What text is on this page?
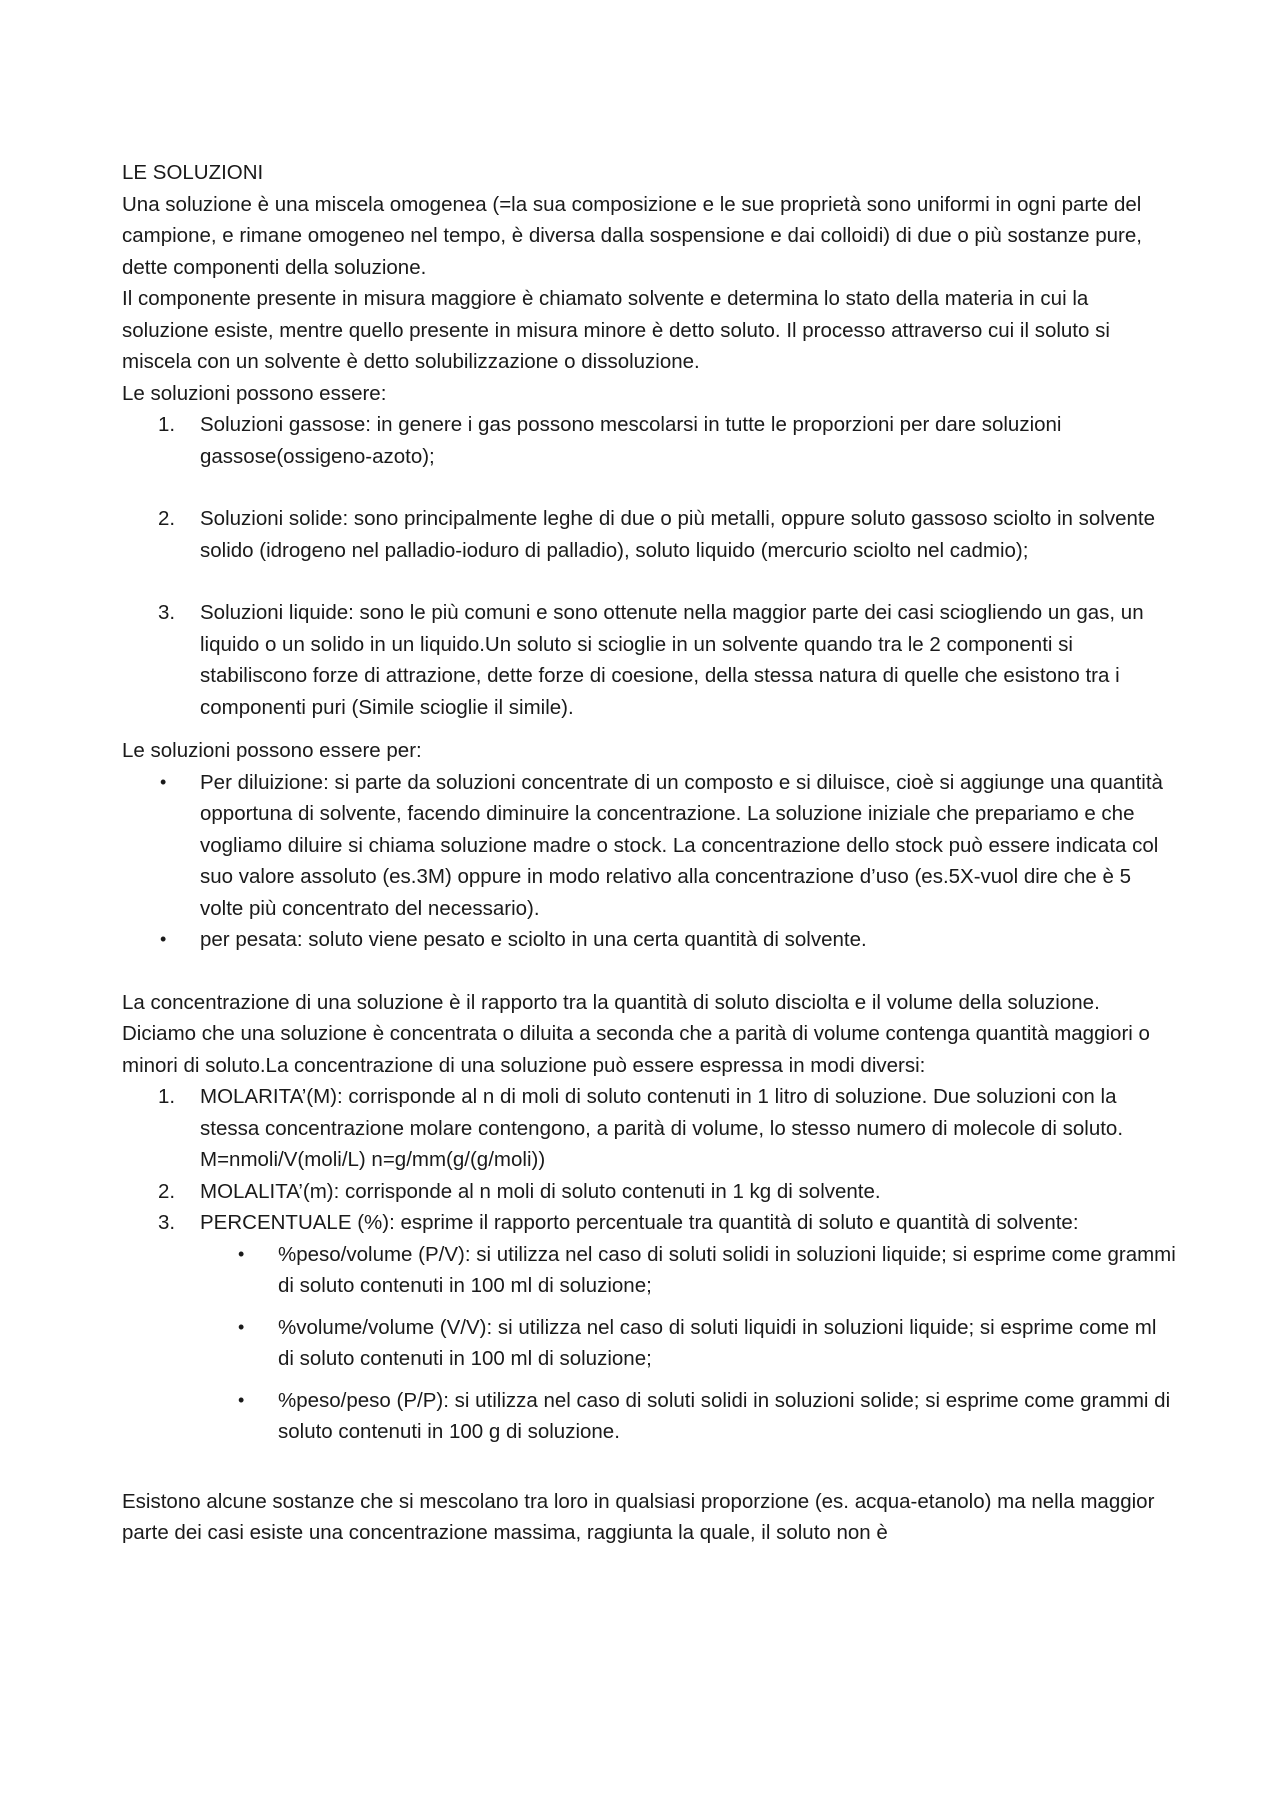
LE SOLUZIONI

Una soluzione è una miscela omogenea (=la sua composizione e le sue proprietà sono uniformi in ogni parte del campione, e rimane omogeneo nel tempo, è diversa dalla sospensione e dai colloidi) di due o più sostanze pure, dette componenti della soluzione.

Il componente presente in misura maggiore è chiamato solvente e determina lo stato della materia in cui la soluzione esiste, mentre quello presente in misura minore è detto soluto. Il processo attraverso cui il soluto si miscela con un solvente è detto solubilizzazione o dissoluzione.

Le soluzioni possono essere:

1. Soluzioni gassose: in genere i gas possono mescolarsi in tutte le proporzioni per dare soluzioni gassose(ossigeno-azoto);
2. Soluzioni solide: sono principalmente leghe di due o più metalli, oppure soluto gassoso sciolto in solvente solido (idrogeno nel palladio-ioduro di palladio), soluto liquido (mercurio sciolto nel cadmio);
3. Soluzioni liquide: sono le più comuni e sono ottenute nella maggior parte dei casi sciogliendo un gas, un liquido o un solido in un liquido.Un soluto si scioglie in un solvente quando tra le 2 componenti si stabiliscono forze di attrazione, dette forze di coesione, della stessa natura di quelle che esistono tra i componenti puri (Simile scioglie il simile).

Le soluzioni possono essere per:

• Per diluizione: si parte da soluzioni concentrate di un composto e si diluisce, cioè si aggiunge una quantità opportuna di solvente, facendo diminuire la concentrazione. La soluzione iniziale che prepariamo e che vogliamo diluire si chiama soluzione madre o stock. La concentrazione dello stock può essere indicata col suo valore assoluto (es.3M) oppure in modo relativo alla concentrazione d’uso (es.5X-vuol dire che è 5 volte più concentrato del necessario).
• per pesata: soluto viene pesato e sciolto in una certa quantità di solvente.

La concentrazione di una soluzione è il rapporto tra la quantità di soluto disciolta e il volume della soluzione. Diciamo che una soluzione è concentrata o diluita a seconda che a parità di volume contenga quantità maggiori o minori di soluto.La concentrazione di una soluzione può essere espressa in modi diversi:

1. MOLARITA’(M): corrisponde al n di moli di soluto contenuti in 1 litro di soluzione. Due soluzioni con la stessa concentrazione molare contengono, a parità di volume, lo stesso numero di molecole di soluto. M=nmoli/V(moli/L) n=g/mm(g/(g/moli))
2. MOLALITA’(m): corrisponde al n moli di soluto contenuti in 1 kg di solvente.
3. PERCENTUALE (%): esprime il rapporto percentuale tra quantità di soluto e quantità di solvente:
• %peso/volume (P/V): si utilizza nel caso di soluti solidi in soluzioni liquide; si esprime come grammi di soluto contenuti in 100 ml di soluzione;
• %volume/volume (V/V): si utilizza nel caso di soluti liquidi in soluzioni liquide; si esprime come ml di soluto contenuti in 100 ml di soluzione;
• %peso/peso (P/P): si utilizza nel caso di soluti solidi in soluzioni solide; si esprime come grammi di soluto contenuti in 100 g di soluzione.

Esistono alcune sostanze che si mescolano tra loro in qualsiasi proporzione (es. acqua-etanolo) ma nella maggior parte dei casi esiste una concentrazione massima, raggiunta la quale, il soluto non è
